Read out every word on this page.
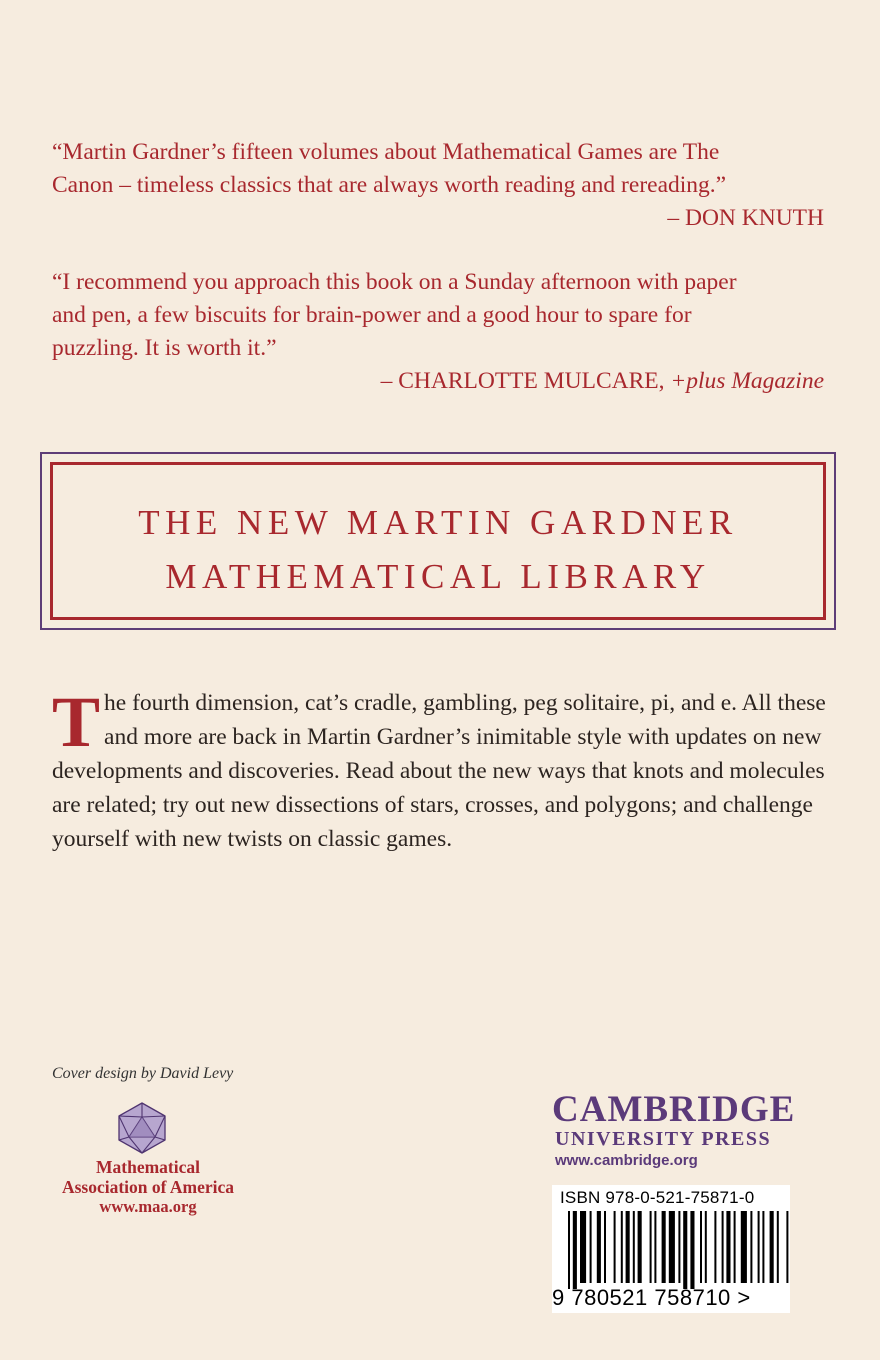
“Martin Gardner’s fifteen volumes about Mathematical Games are The
Canon – timeless classics that are always worth reading and rereading.”
– DON KNUTH
“I recommend you approach this book on a Sunday afternoon with paper
and pen, a few biscuits for brain-power and a good hour to spare for
puzzling. It is worth it.”
– CHARLOTTE MULCARE, +plus Magazine
THE NEW MARTIN GARDNER
MATHEMATICAL LIBRARY
The fourth dimension, cat’s cradle, gambling, peg solitaire, pi, and e. All these and more are back in Martin Gardner’s inimitable style with updates on new developments and discoveries. Read about the new ways that knots and molecules are related; try out new dissections of stars, crosses, and polygons; and challenge yourself with new twists on classic games.
Cover design by David Levy
Mathematical
Association of America
www.maa.org
CAMBRIDGE
UNIVERSITY PRESS
www.cambridge.org
ISBN 978-0-521-75871-0
9 780521 758710 >
